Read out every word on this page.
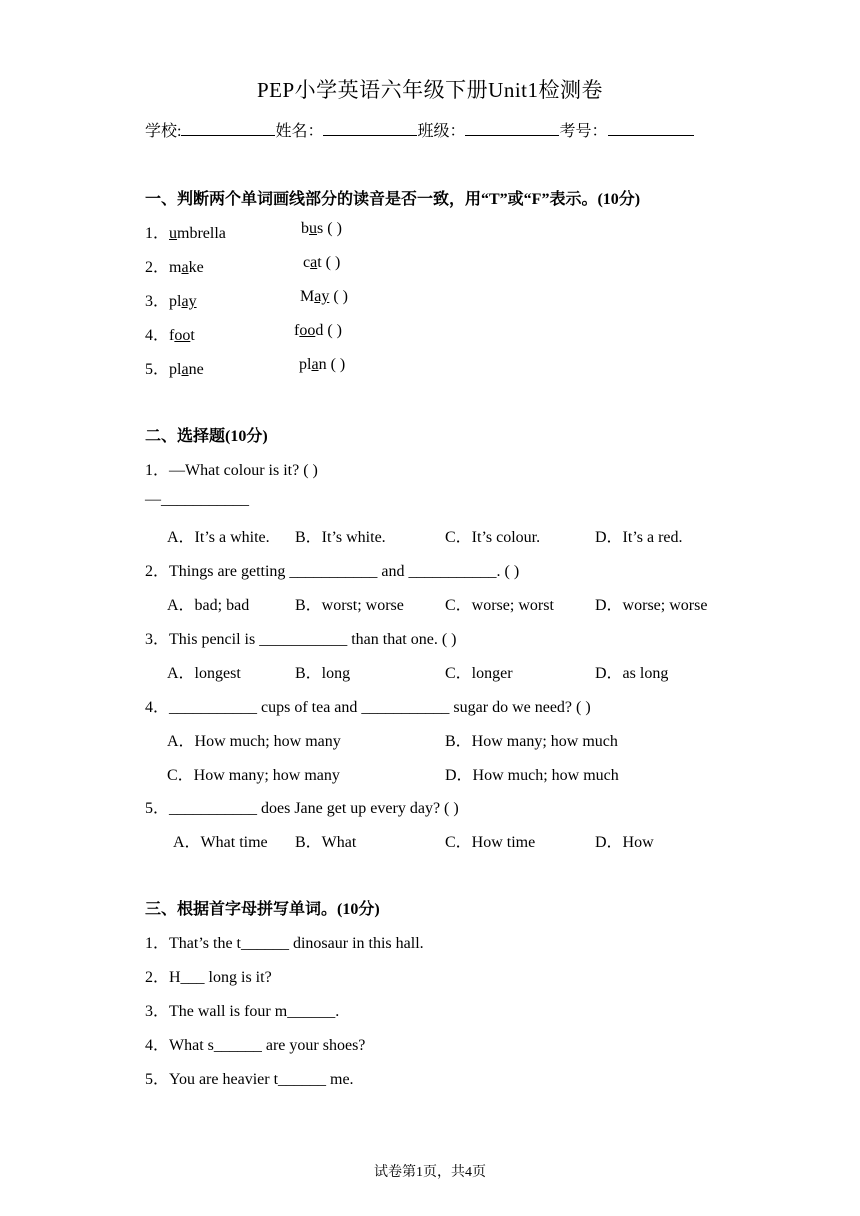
PEP小学英语六年级下册Unit1检测卷
学校:	姓名：	班级：	考号：
一、判断两个单词画线部分的读音是否一致，用“T”或“F”表示。(10分)
1．umbrella	bus ( )
2．make	cat ( )
3．play	May ( )
4．foot	food ( )
5．plane	plan ( )
二、选择题(10分)
1．—What colour is it? ( )
—___________
A．It’s a white. B．It’s white.	C．It’s colour.	D．It’s a red.
2．Things are getting ___________ and ___________. ( )
A．bad; bad	B．worst; worse	C．worse; worst	D．worse; worse
3．This pencil is ___________ than that one. ( )
A．longest	B．long	C．longer	D．as long
4．___________ cups of tea and ___________ sugar do we need? ( )
A．How much; how many	B．How many; how much
C．How many; how many	D．How much; how much
5．___________ does Jane get up every day? ( )
A．What time B．What	C．How time	D．How
三、根据首字母拼写单词。(10分)
1．That’s the t______ dinosaur in this hall.
2．H___ long is it?
3．The wall is four m______.
4．What s______ are your shoes?
5．You are heavier t______ me.
试卷第1页，共4页
